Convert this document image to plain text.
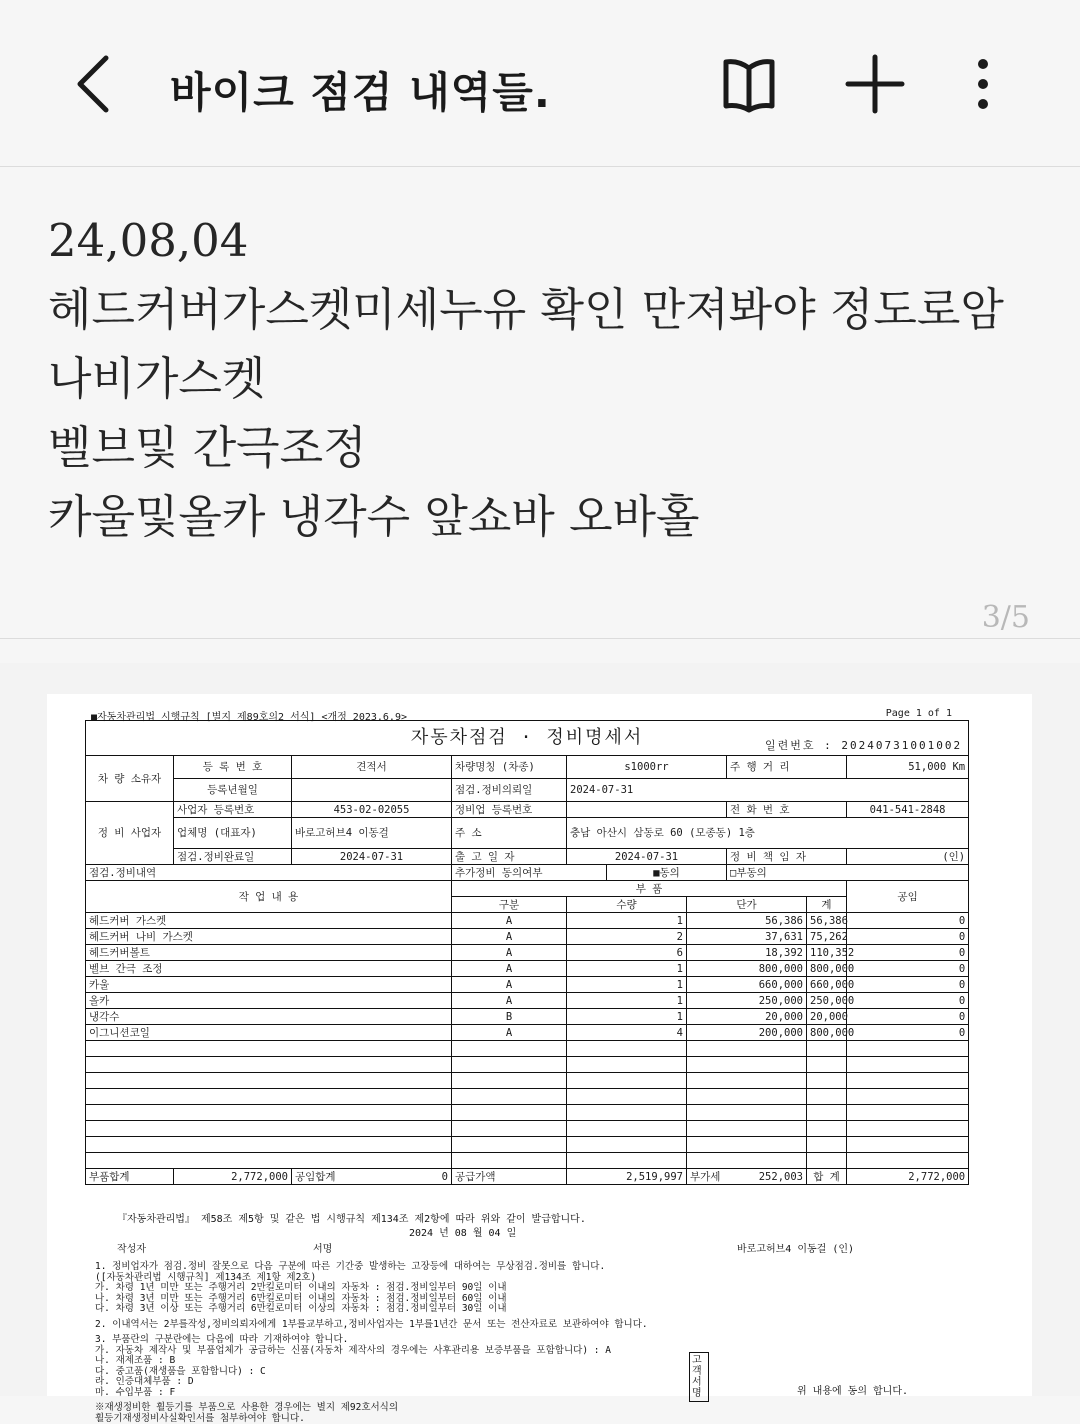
바이크 점검 내역들.
24,08,04
헤드커버가스켓미세누유 확인 만져봐야 정도로암
나비가스켓
벨브및 간극조정
카울및올카 냉각수 앞쇼바 오바홀
3/5
■자동차관리법 시행규칙 [별지 제89호의2 서식] <개정 2023.6.9>	Page 1 of 1
자동차점검 · 정비명세서 일련번호 : 20240731001002									

차 량 소유자	등 록 번 호	견적서	차량명칭 (차종)	s1000rr			주 행 거 리		51,000 Km
	등록년월일		점검.정비의뢰일	2024-07-31					
정 비 사업자	사업자 등록번호	453-02-02055	정비업 등록번호				전 화 번 호		041-541-2848
	업체명 (대표자)	바로고허브4 이동걸	주 소	충남 아산시 삼동로 60 (모종동) 1층					
	점검.정비완료일	2024-07-31	출 고 일 자	2024-07-31			정 비 책 임 자		(인)
점검.정비내역			추가정비 동의여부		■동의		□부동의		
작 업 내 용			부 품						공임
			구분	수량		단가		계	
헤드커버 가스켓			A	1		56,386		56,386	0
헤드커버 나비 가스켓			A	2		37,631		75,262	0
헤드커버볼트			A	6		18,392		110,352	0
벨브 간극 조정			A	1		800,000		800,000	0
카울			A	1		660,000		660,000	0
올카			A	1		250,000		250,000	0
냉각수			B	1		20,000		20,000	0
이그니션코일			A	4		200,000		800,000	0

부품합계	2,772,000	공임합계 0	공급가액	2,519,997		부가세 252,003		합 계	2,772,000
『자동차관리법』 제58조 제5항 및 같은 법 시행규칙 제134조 제2항에 따라 위와 같이 발급합니다.
2024 년 08 월 04 일
작성자	서명	바로고허브4 이동걸 (인)
1. 정비업자가 점검.정비 잘못으로 다음 구분에 따른 기간중 발생하는 고장등에 대하여는 무상점검.정비를 합니다.
([자동차관리법 시행규칙] 제134조 제1항 제2호)
가. 차령 1년 미만 또는 주행거리 2만킬로미터 이내의 자동차 : 점검.정비일부터 90일 이내
나. 차령 3년 미만 또는 주행거리 6만킬로미터 이내의 자동차 : 점검.정비일부터 60일 이내
다. 차령 3년 이상 또는 주행거리 6만킬로미터 이상의 자동차 : 점검.정비일부터 30일 이내
2. 이내역서는 2부를작성,정비의뢰자에게 1부를교부하고,정비사업자는 1부를1년간 문서 또는 전산자료로 보관하여야 합니다.
3. 부품란의 구분란에는 다음에 따라 기재하여야 합니다.
가. 자동차 제작사 및 부품업체가 공급하는 신품(자동차 제작사의 경우에는 사후관리용 보증부품을 포함합니다) : A
나. 재제조품 : B
다. 중고품(재생품을 포함합니다) : C
라. 인증대체부품 : D
마. 수입부품 : F
※재생정비한 휠등기를 부품으로 사용한 경우에는 별지 제92호서식의
휠등기재생정비사실확인서를 첨부하여야 합니다.
고객서명	위 내용에 동의 합니다.
